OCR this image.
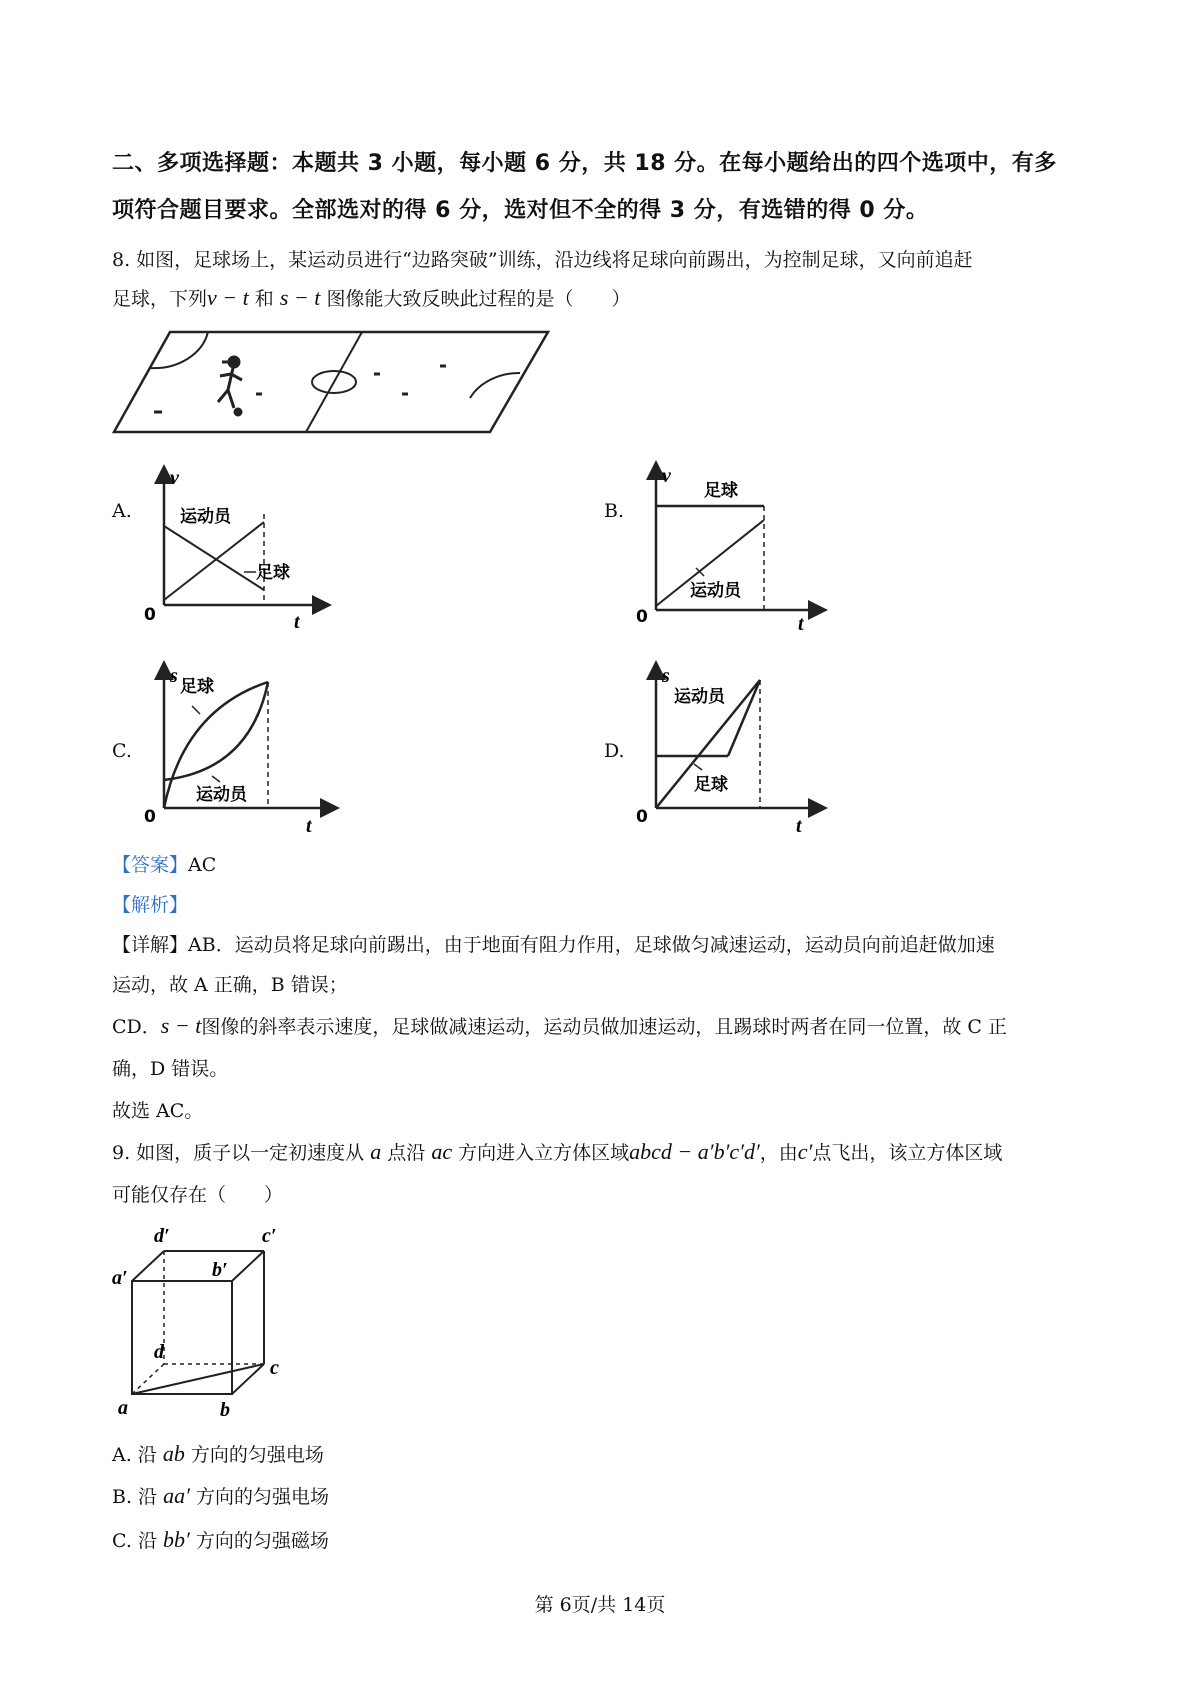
二、多项选择题：本题共 3 小题，每小题 6 分，共 18 分。在每小题给出的四个选项中，有多
项符合题目要求。全部选对的得 6 分，选对但不全的得 3 分，有选错的得 0 分。
8. 如图，足球场上，某运动员进行“边路突破”训练，沿边线将足球向前踢出，为控制足球，又向前追赶
足球，下列v − t 和 s − t 图像能大致反映此过程的是（　　）
A.	B.
C.	D.
v
t
0
运动员
足球
v
t
0
足球
运动员
s
t
0
足球
运动员
s
t
0
运动员
足球
【答案】AC
【解析】
【详解】AB．运动员将足球向前踢出，由于地面有阻力作用，足球做匀减速运动，运动员向前追赶做加速
运动，故 A 正确，B 错误；
CD．s − t图像的斜率表示速度，足球做减速运动，运动员做加速运动，且踢球时两者在同一位置，故 C 正
确，D 错误。
故选 AC。
9. 如图，质子以一定初速度从 a 点沿 ac 方向进入立方体区域abcd − a′b′c′d′，由c′点飞出，该立方体区域
可能仅存在（　　）
a	b
c
d
a′	b′
c′
d′
A. 沿 ab 方向的匀强电场
B. 沿 aa′ 方向的匀强电场
C. 沿 bb′ 方向的匀强磁场
第 6页/共 14页
